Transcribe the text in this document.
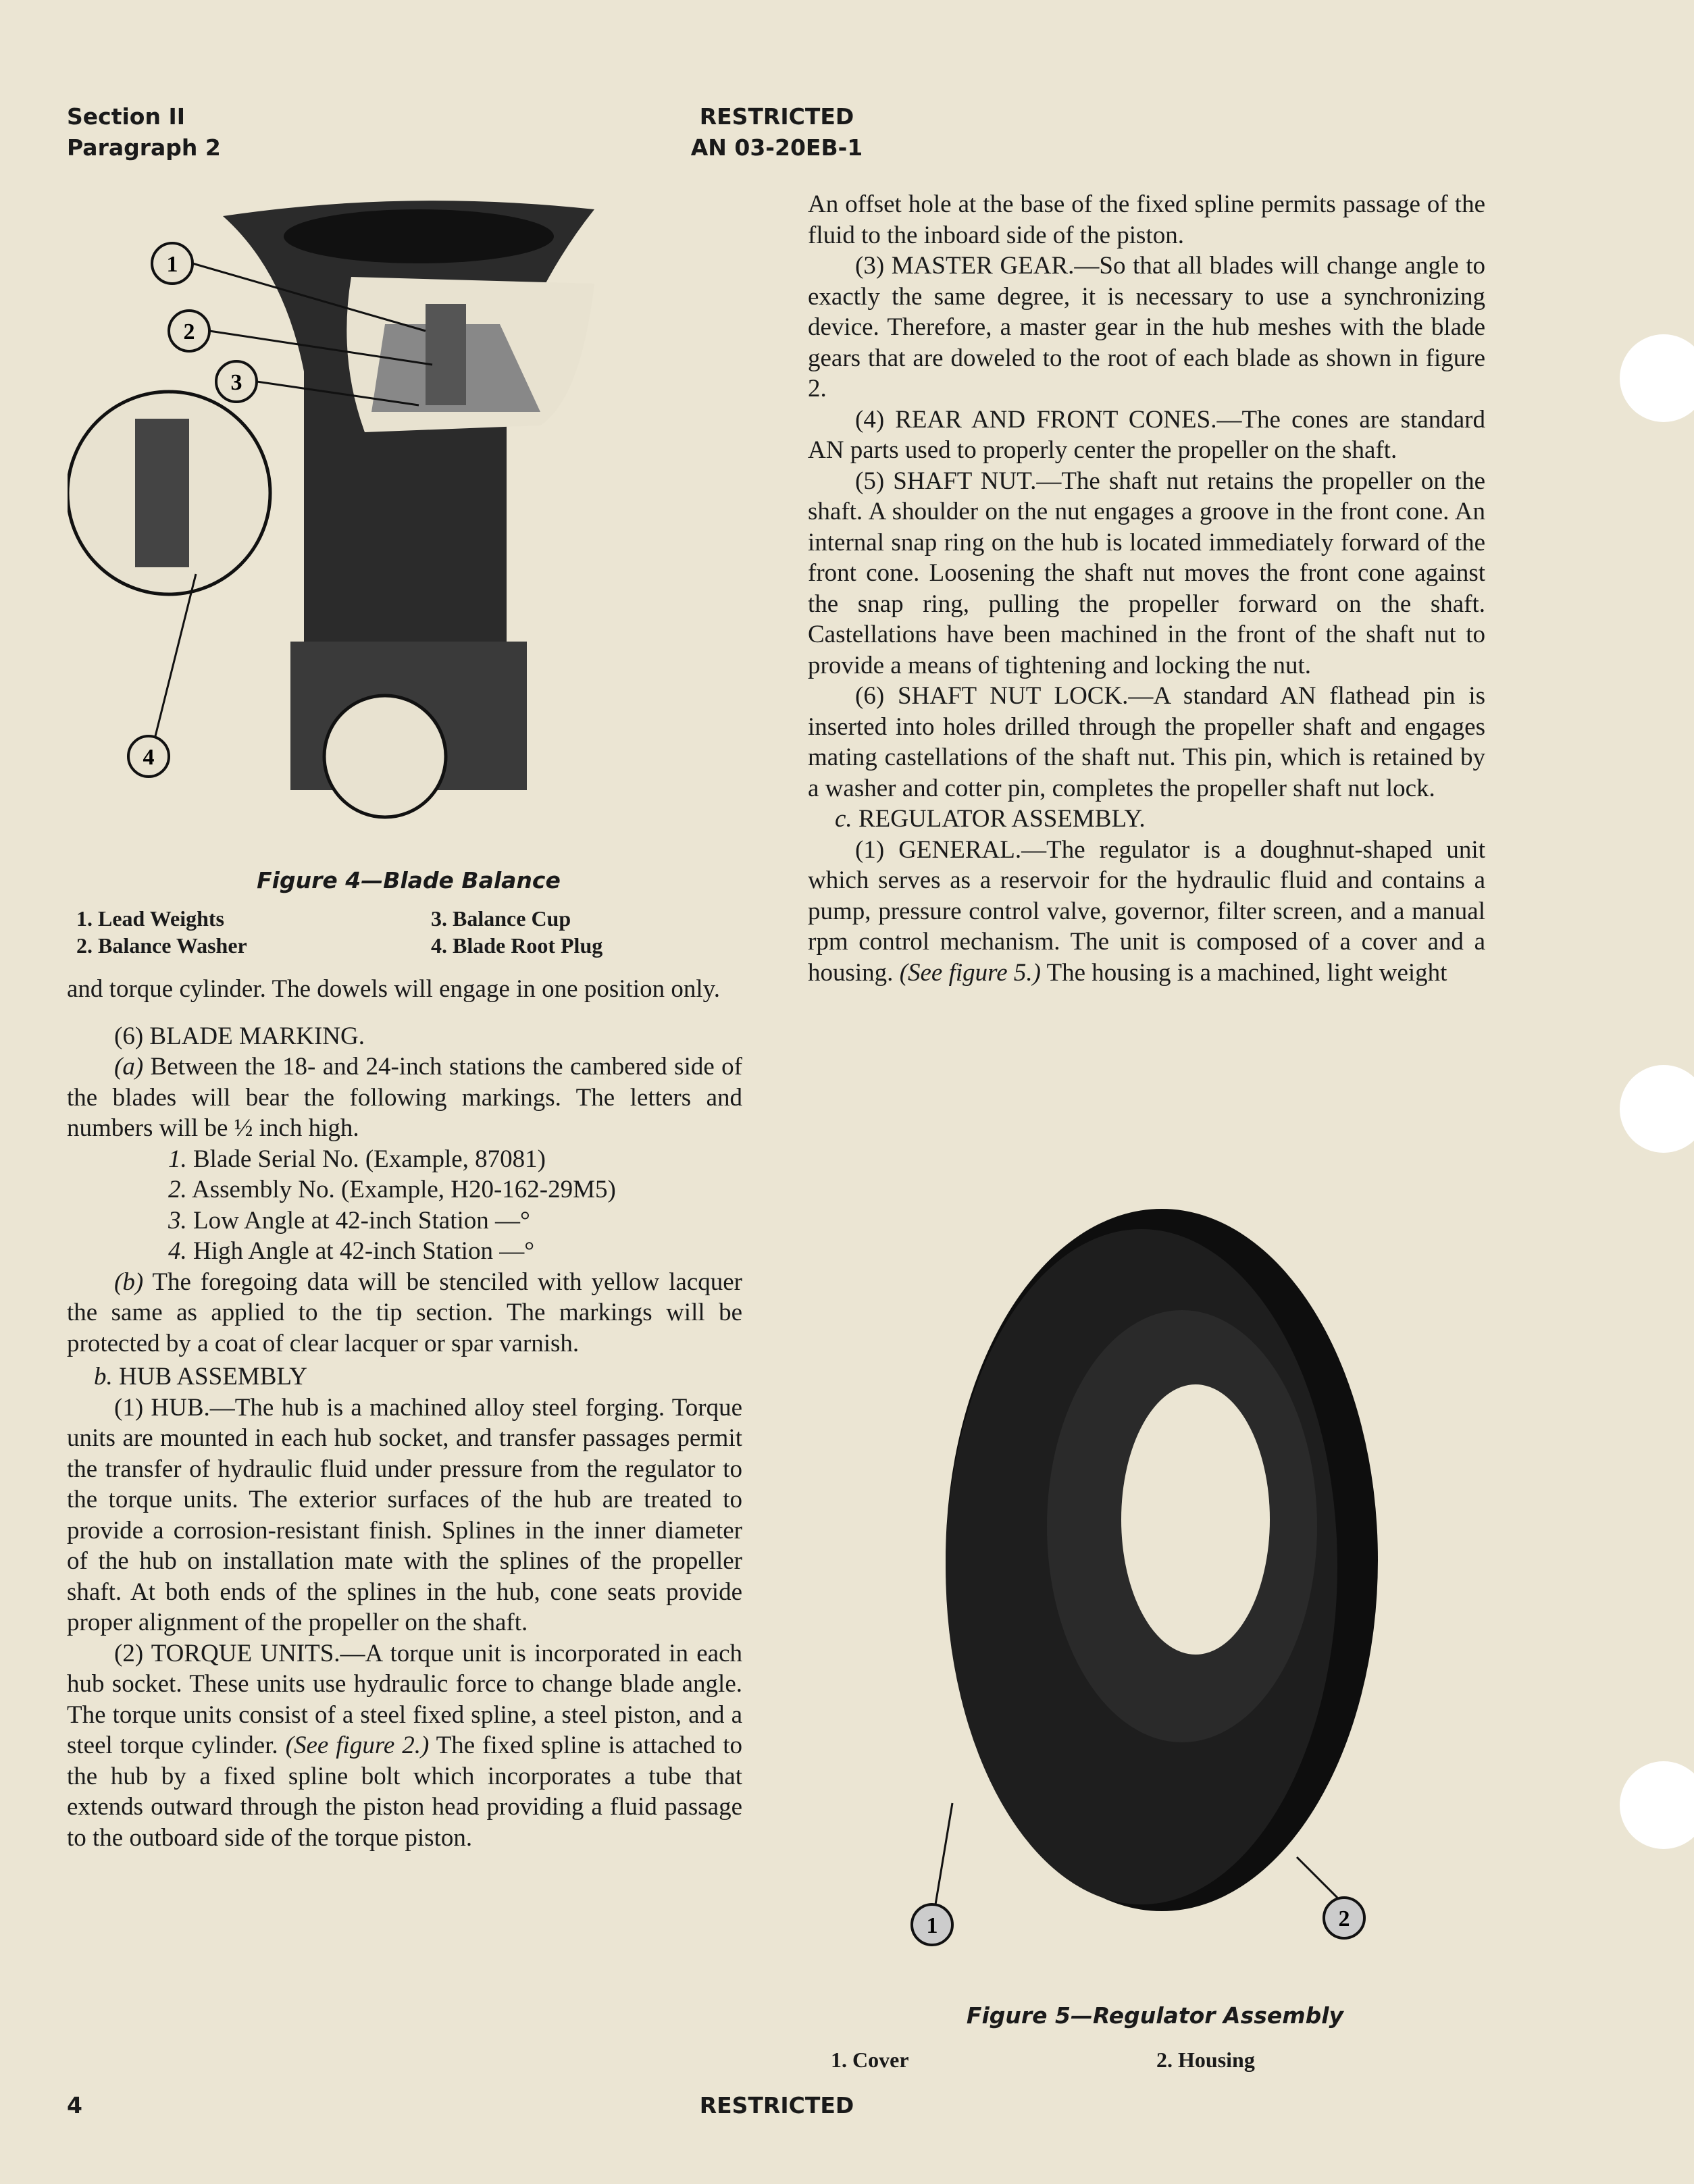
Section II
Paragraph 2
RESTRICTED
AN 03-20EB-1
1
2
3
4
Figure 4—Blade Balance
1. Lead Weights
2. Balance Washer
3. Balance Cup
4. Blade Root Plug

and torque cylinder. The dowels will engage in one position only.

(6) BLADE MARKING.

(a) Between the 18- and 24-inch stations the cambered side of the blades will bear the following markings. The letters and numbers will be ½ inch high.

1. Blade Serial No. (Example, 87081)

2. Assembly No. (Example, H20-162-29M5)

3. Low Angle at 42-inch Station —°

4. High Angle at 42-inch Station —°

(b) The foregoing data will be stenciled with yellow lacquer the same as applied to the tip section. The markings will be protected by a coat of clear lacquer or spar varnish.

b. HUB ASSEMBLY

(1) HUB.—The hub is a machined alloy steel forging. Torque units are mounted in each hub socket, and transfer passages permit the transfer of hydraulic fluid under pressure from the regulator to the torque units. The exterior surfaces of the hub are treated to provide a corrosion-resistant finish. Splines in the inner diameter of the hub on installation mate with the splines of the propeller shaft. At both ends of the splines in the hub, cone seats provide proper alignment of the propeller on the shaft.

(2) TORQUE UNITS.—A torque unit is incorporated in each hub socket. These units use hydraulic force to change blade angle. The torque units consist of a steel fixed spline, a steel piston, and a steel torque cylinder. (See figure 2.) The fixed spline is attached to the hub by a fixed spline bolt which incorporates a tube that extends outward through the piston head providing a fluid passage to the outboard side of the torque piston.

An offset hole at the base of the fixed spline permits passage of the fluid to the inboard side of the piston.

(3) MASTER GEAR.—So that all blades will change angle to exactly the same degree, it is necessary to use a synchronizing device. Therefore, a master gear in the hub meshes with the blade gears that are doweled to the root of each blade as shown in figure 2.

(4) REAR AND FRONT CONES.—The cones are standard AN parts used to properly center the propeller on the shaft.

(5) SHAFT NUT.—The shaft nut retains the propeller on the shaft. A shoulder on the nut engages a groove in the front cone. An internal snap ring on the hub is located immediately forward of the front cone. Loosening the shaft nut moves the front cone against the snap ring, pulling the propeller forward on the shaft. Castellations have been machined in the front of the shaft nut to provide a means of tightening and locking the nut.

(6) SHAFT NUT LOCK.—A standard AN flathead pin is inserted into holes drilled through the propeller shaft and engages mating castellations of the shaft nut. This pin, which is retained by a washer and cotter pin, completes the propeller shaft nut lock.

c. REGULATOR ASSEMBLY.

(1) GENERAL.—The regulator is a doughnut-shaped unit which serves as a reservoir for the hydraulic fluid and contains a pump, pressure control valve, governor, filter screen, and a manual rpm control mechanism. The unit is composed of a cover and a housing. (See figure 5.) The housing is a machined, light weight

1	2
Figure 5—Regulator Assembly
1. Cover	2. Housing
4	RESTRICTED
